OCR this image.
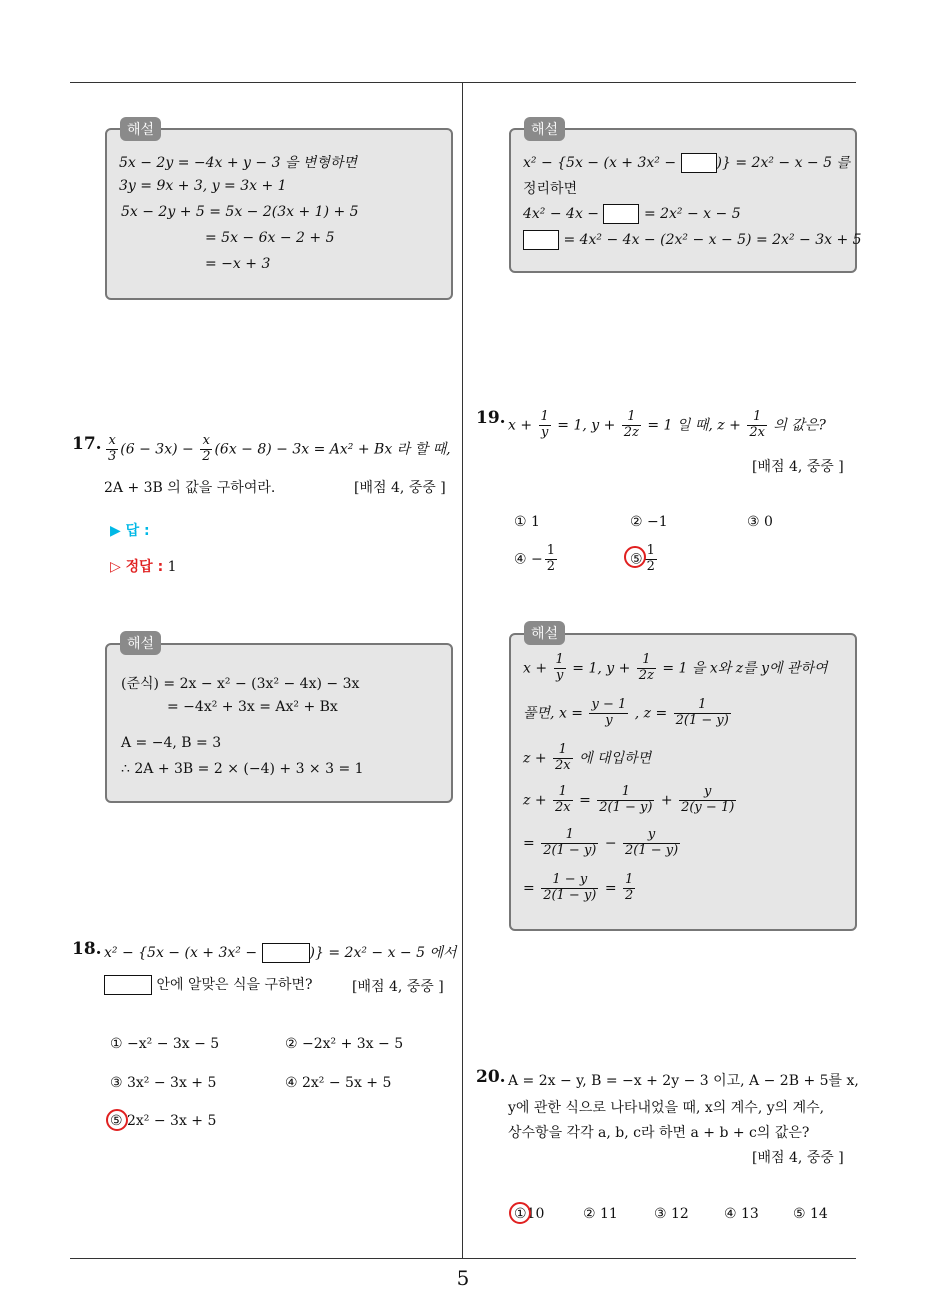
5x − 2y = −4x + y − 3 을 변형하면
3y = 9x + 3, y = 3x + 1
5x − 2y + 5 = 5x − 2(3x + 1) + 5
= 5x − 6x − 2 + 5
= −x + 3
해설
17. $\frac{x}{3} (6 - 3x) - \frac{x}{2} (6x - 8) - 3x = Ax^2 + Bx$ 라 할 때,
2A + 3B 의 값을 구하여라.	[배점 4, 중중 ]
▶ 답 :
▷ 정답 : 1
(준식) = 2x − x² − (3x² − 4x) − 3x
= −4x² + 3x = Ax² + Bx
A = −4, B = 3
∴ 2A + 3B = 2 × (−4) + 3 × 3 = 1
해설
18. x² − {5x − (x + 3x² −	)} = 2x² − x − 5 에서
안에 알맞은 식을 구하면?	[배점 4, 중중 ]
① −x² − 3x − 5	② −2x² + 3x − 5
③ 3x² − 3x + 5	④ 2x² − 5x + 5
⑤ 2x² − 3x + 5
x² − {5x − (x + 3x² −	)} = 2x² − x − 5 를
정리하면
4x² − 4x −	= 2x² − x − 5
= 4x² − 4x − (2x² − x − 5) = 2x² − 3x + 5
해설
19. $x + \frac{1}{y} = 1$, $y + \frac{1}{2z} = 1$ 일 때, $z + \frac{1}{2x}$ 의 값은?
[배점 4, 중중 ]
① 1	② −1	③ 0
④ − $\frac{1}{2}$	⑤ $\frac{1}{2}$
$x + \frac{1}{y} = 1$, $y + \frac{1}{2z} = 1$ 을 x와 z를 y에 관하여
풀면, $x = \frac{y - 1}{y}$ , $z = \frac{1}{2(1 - y)}$
$z + \frac{1}{2x}$ 에 대입하면
$z + \frac{1}{2x} = \frac{1}{2(1 - y)} + \frac{y}{2(y - 1)}$
= $\frac{1}{2(1 - y)} - \frac{y}{2(1 - y)}$
= $\frac{1 - y}{2(1 - y)} = \frac{1}{2}$
해설
20. A = 2x − y, B = −x + 2y − 3 이고, A − 2B + 5를 x,
y에 관한 식으로 나타내었을 때, x의 계수, y의 계수,
상수항을 각각 a, b, c라 하면 a + b + c의 값은?
[배점 4, 중중 ]
①10	② 11	③ 12	④ 13 ⑤ 14
5
